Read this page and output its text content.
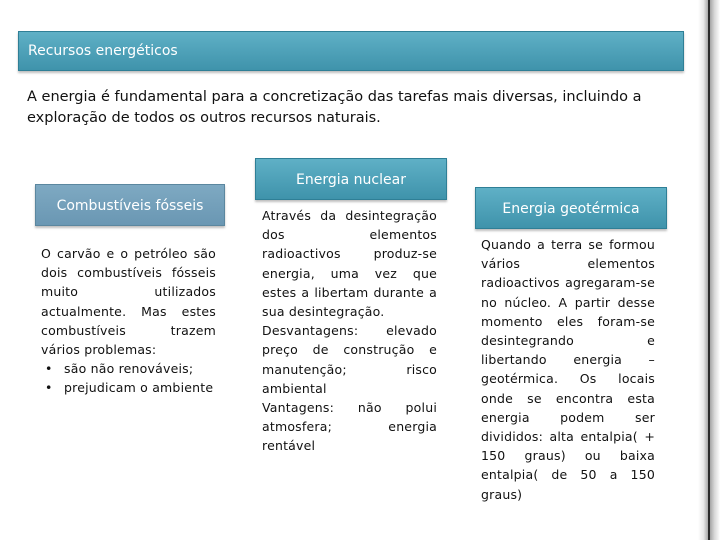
Recursos energéticos
A energia é fundamental para a concretização das tarefas mais diversas, incluindo a exploração de todos os outros recursos naturais.
Combustíveis fósseis
Energia nuclear
Energia geotérmica

O carvão e o petróleo são dois combustíveis fósseis muito utilizados actualmente. Mas estes combustíveis trazem vários problemas:

• são não renováveis;
• prejudicam o ambiente

Através da desintegração dos elementos radioactivos produz-se energia, uma vez que estes a libertam durante a sua desintegração.

Desvantagens: elevado preço de construção e manutenção; risco ambiental

Vantagens: não polui atmosfera; energia rentável

Quando a terra se formou vários elementos radioactivos agregaram-se no núcleo. A partir desse momento eles foram-se desintegrando e libertando energia – geotérmica. Os locais onde se encontra esta energia podem ser divididos: alta entalpia( + 150 graus) ou baixa entalpia( de 50 a 150 graus)
